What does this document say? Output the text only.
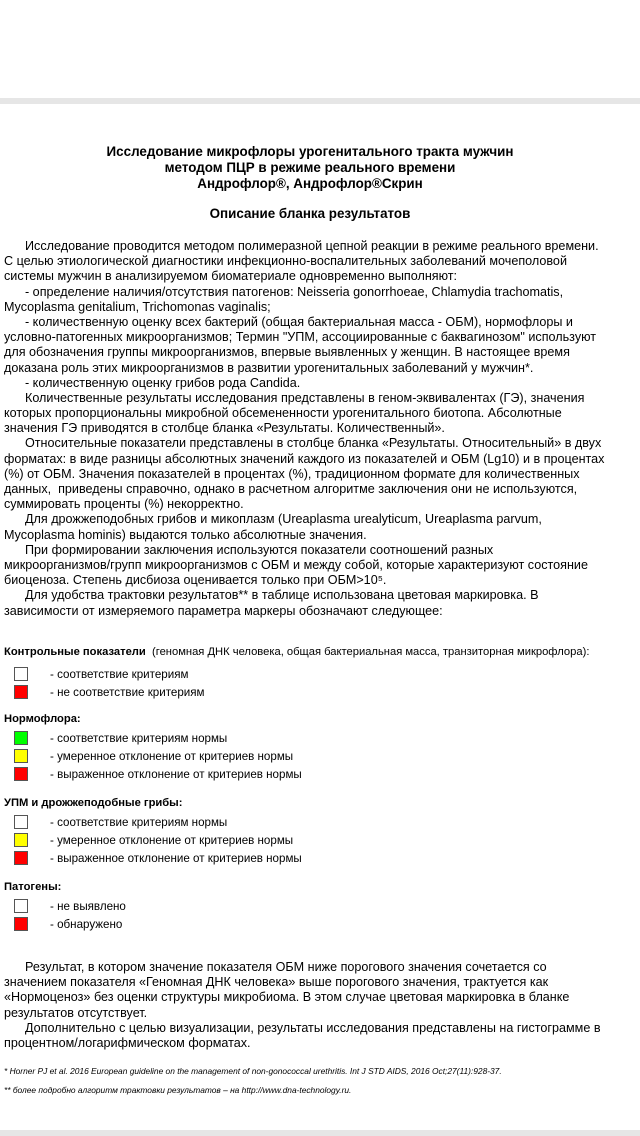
Исследование микрофлоры урогенитального тракта мужчин
методом ПЦР в режиме реального времени
Андрофлор®, Андрофлор®Скрин
Описание бланка результатов
Исследование проводится методом полимеразной цепной реакции в режиме реального времени.
С целью этиологической диагностики инфекционно-воспалительных заболеваний мочеполовой
системы мужчин в анализируемом биоматериале одновременно выполняют:
- определение наличия/отсутствия патогенов: Neisseria gonorrhoeae, Chlamydia trachomatis,
Mycoplasma genitalium, Trichomonas vaginalis;
- количественную оценку всех бактерий (общая бактериальная масса - ОБМ), нормофлоры и
условно-патогенных микроорганизмов; Термин "УПМ, ассоциированные с баквагинозом" используют
для обозначения группы микроорганизмов, впервые выявленных у женщин. В настоящее время
доказана роль этих микроорганизмов в развитии урогенитальных заболеваний у мужчин*.
- количественную оценку грибов рода Candida.
Количественные результаты исследования представлены в геном-эквивалентах (ГЭ), значения
которых пропорциональны микробной обсемененности урогенитального биотопа. Абсолютные
значения ГЭ приводятся в столбце бланка «Результаты. Количественный».
Относительные показатели представлены в столбце бланка «Результаты. Относительный» в двух
форматах: в виде разницы абсолютных значений каждого из показателей и ОБМ (Lg10) и в процентах
(%) от ОБМ. Значения показателей в процентах (%), традиционном формате для количественных
данных,  приведены справочно, однако в расчетном алгоритме заключения они не используются,
суммировать проценты (%) некорректно.
Для дрожжеподобных грибов и микоплазм (Ureaplasma urealyticum, Ureaplasma parvum,
Mycoplasma hominis) выдаются только абсолютные значения.
При формировании заключения используются показатели соотношений разных
микроорганизмов/групп микроорганизмов с ОБМ и между собой, которые характеризуют состояние
биоценоза. Степень дисбиоза оценивается только при ОБМ>10⁵.
Для удобства трактовки результатов** в таблице использована цветовая маркировка. В
зависимости от измеряемого параметра маркеры обозначают следующее:
Контрольные показатели  (геномная ДНК человека, общая бактериальная масса, транзиторная микрофлора):
- соответствие критериям
- не соответствие критериям
Нормофлора:
- соответствие критериям нормы
- умеренное отклонение от критериев нормы
- выраженное отклонение от критериев нормы
УПМ и дрожжеподобные грибы:
- соответствие критериям нормы
- умеренное отклонение от критериев нормы
- выраженное отклонение от критериев нормы
Патогены:
- не выявлено
- обнаружено
Результат, в котором значение показателя ОБМ ниже порогового значения сочетается со
значением показателя «Геномная ДНК человека» выше порогового значения, трактуется как
«Нормоценоз» без оценки структуры микробиома. В этом случае цветовая маркировка в бланке
результатов отсутствует.
Дополнительно с целью визуализации, результаты исследования представлены на гистограмме в
процентном/логарифмическом форматах.
* Horner PJ et al. 2016 European guideline on the management of non-gonococcal urethritis. Int J STD AIDS, 2016 Oct;27(11):928-37.
** более подробно алгоритм трактовки результатов – на http://www.dna-technology.ru.
